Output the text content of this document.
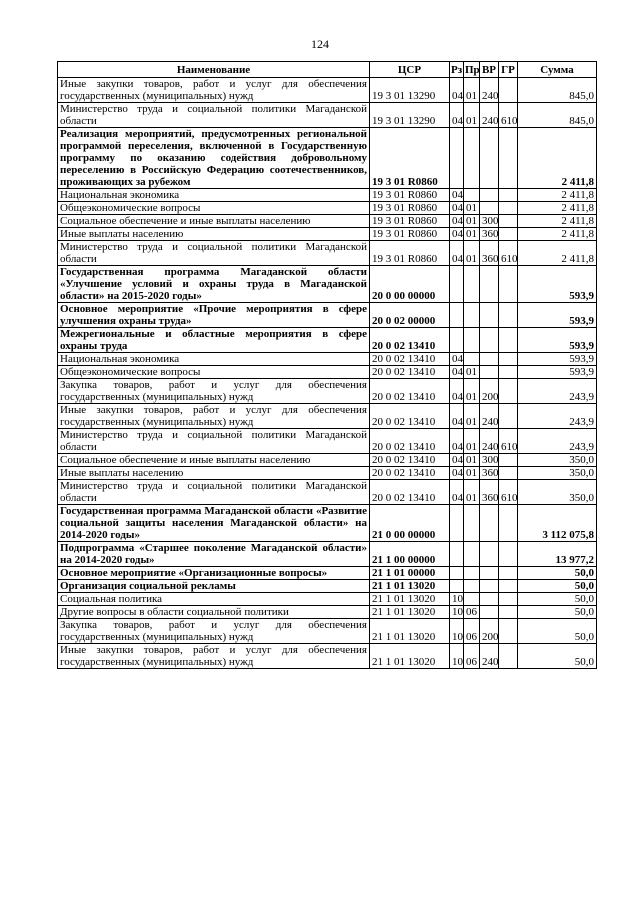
124
Наименование	ЦСР	Рз	Пр	ВР	ГР	Сумма
Иные закупки товаров, работ и услуг для обеспечения государственных (муниципальных) нужд	19 3 01 13290	04	01	240		845,0
Министерство труда и социальной политики Магаданской области	19 3 01 13290	04	01	240	610	845,0
Реализация мероприятий, предусмотренных региональной программой переселения, включенной в Государственную программу по оказанию содействия добровольному переселению в Российскую Федерацию соотечественников, проживающих за рубежом	19 3 01 R0860					2 411,8
Национальная экономика	19 3 01 R0860	04				2 411,8
Общеэкономические вопросы	19 3 01 R0860	04	01			2 411,8
Социальное обеспечение и иные выплаты населению	19 3 01 R0860	04	01	300		2 411,8
Иные выплаты населению	19 3 01 R0860	04	01	360		2 411,8
Министерство труда и социальной политики Магаданской области	19 3 01 R0860	04	01	360	610	2 411,8
Государственная программа Магаданской области «Улучшение условий и охраны труда в Магаданской области» на 2015-2020 годы»	20 0 00 00000					593,9
Основное мероприятие «Прочие мероприятия в сфере улучшения охраны труда»	20 0 02 00000					593,9
Межрегиональные и областные мероприятия в сфере охраны труда	20 0 02 13410					593,9
Национальная экономика	20 0 02 13410	04				593,9
Общеэкономические вопросы	20 0 02 13410	04	01			593,9
Закупка товаров, работ и услуг для обеспечения государственных (муниципальных) нужд	20 0 02 13410	04	01	200		243,9
Иные закупки товаров, работ и услуг для обеспечения государственных (муниципальных) нужд	20 0 02 13410	04	01	240		243,9
Министерство труда и социальной политики Магаданской области	20 0 02 13410	04	01	240	610	243,9
Социальное обеспечение и иные выплаты населению	20 0 02 13410	04	01	300		350,0
Иные выплаты населению	20 0 02 13410	04	01	360		350,0
Министерство труда и социальной политики Магаданской области	20 0 02 13410	04	01	360	610	350,0
Государственная программа Магаданской области «Развитие социальной защиты населения Магаданской области» на 2014-2020 годы»	21 0 00 00000					3 112 075,8
Подпрограмма «Старшее поколение Магаданской области» на 2014-2020 годы»	21 1 00 00000					13 977,2
Основное мероприятие «Организационные вопросы»	21 1 01 00000					50,0
Организация социальной рекламы	21 1 01 13020					50,0
Социальная политика	21 1 01 13020	10				50,0
Другие вопросы в области социальной политики	21 1 01 13020	10	06			50,0
Закупка товаров, работ и услуг для обеспечения государственных (муниципальных) нужд	21 1 01 13020	10	06	200		50,0
Иные закупки товаров, работ и услуг для обеспечения государственных (муниципальных) нужд	21 1 01 13020	10	06	240		50,0
